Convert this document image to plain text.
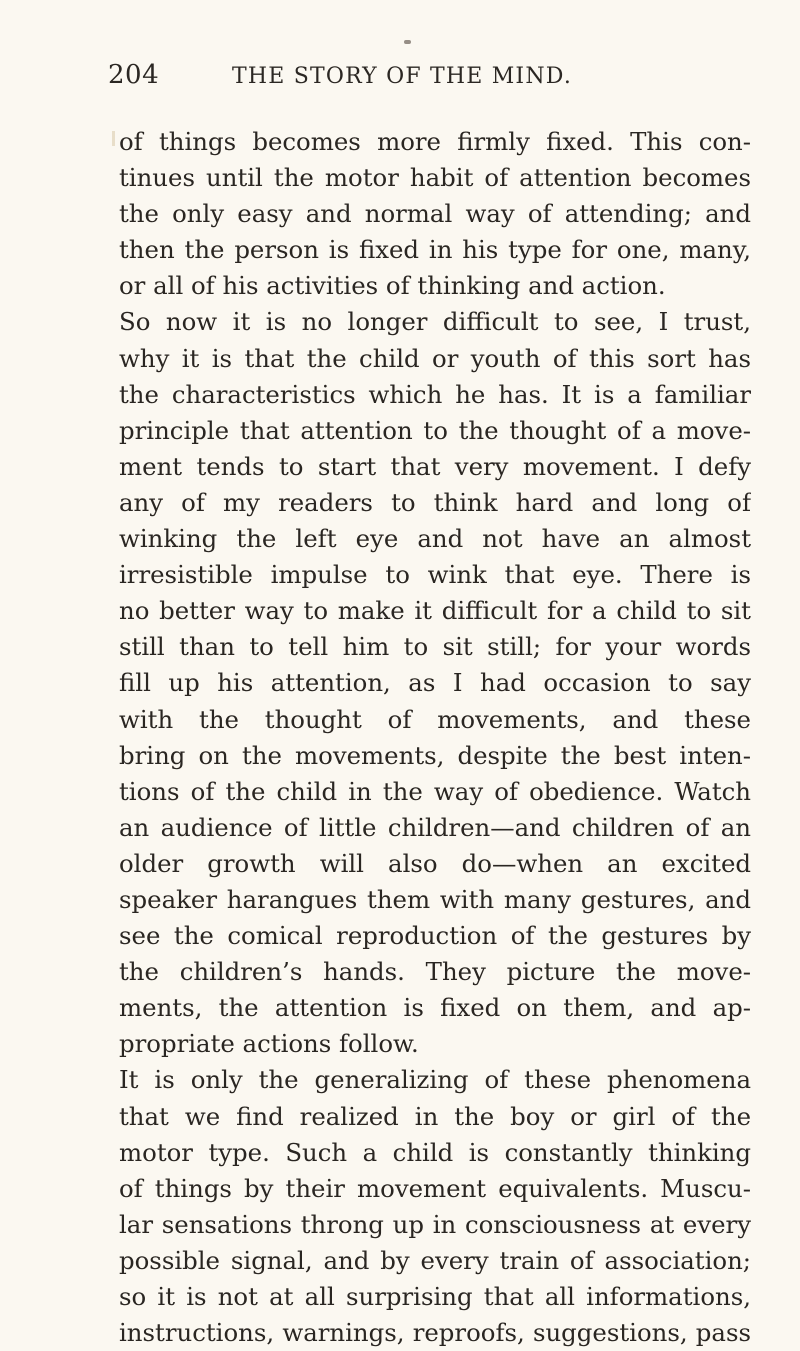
204	THE STORY OF THE MIND.
of things becomes more firmly fixed. This con-
tinues until the motor habit of attention becomes
the only easy and normal way of attending; and
then the person is fixed in his type for one, many,
or all of his activities of thinking and action.
So now it is no longer difficult to see, I trust,
why it is that the child or youth of this sort has
the characteristics which he has. It is a familiar
principle that attention to the thought of a move-
ment tends to start that very movement. I defy
any of my readers to think hard and long of
winking the left eye and not have an almost
irresistible impulse to wink that eye. There is
no better way to make it difficult for a child to sit
still than to tell him to sit still; for your words
fill up his attention, as I had occasion to say
with the thought of movements, and these
bring on the movements, despite the best inten-
tions of the child in the way of obedience. Watch
an audience of little children—and children of an
older growth will also do—when an excited
speaker harangues them with many gestures, and
see the comical reproduction of the gestures by
the children’s hands. They picture the move-
ments, the attention is fixed on them, and ap-
propriate actions follow.
It is only the generalizing of these phenomena
that we find realized in the boy or girl of the
motor type. Such a child is constantly thinking
of things by their movement equivalents. Muscu-
lar sensations throng up in consciousness at every
possible signal, and by every train of association;
so it is not at all surprising that all informations,
instructions, warnings, reproofs, suggestions, pass
